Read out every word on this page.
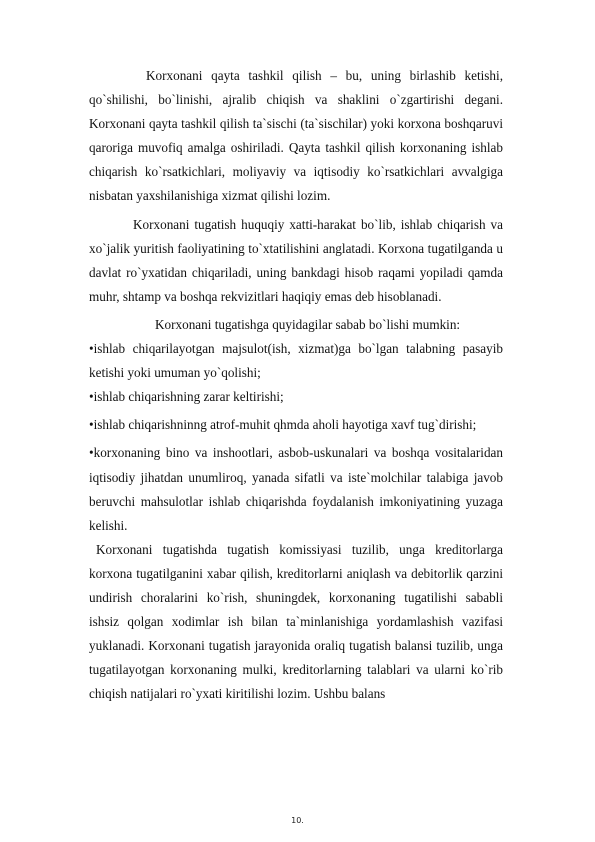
Korxonani qayta tashkil qilish – bu, uning birlashib ketishi, qo`shilishi, bo`linishi, ajralib chiqish va shaklini o`zgartirishi degani. Korxonani qayta tashkil qilish ta`sischi (ta`sischilar) yoki korxona boshqaruvi qaroriga muvofiq amalga oshiriladi. Qayta tashkil qilish korxonaning ishlab chiqarish ko`rsatkichlari, moliyaviy va iqtisodiy ko`rsatkichlari avvalgiga nisbatan yaxshilanishiga xizmat qilishi lozim.

Korxonani tugatish huquqiy xatti-harakat bo`lib, ishlab chiqarish va xo`jalik yuritish faoliyatining to`xtatilishini anglatadi. Korxona tugatilganda u davlat ro`yxatidan chiqariladi, uning bankdagi hisob raqami yopiladi qamda muhr, shtamp va boshqa rekvizitlari haqiqiy emas deb hisoblanadi.

Korxonani tugatishga quyidagilar sabab bo`lishi mumkin:

•ishlab chiqarilayotgan majsulot(ish, xizmat)ga bo`lgan talabning pasayib ketishi yoki umuman yo`qolishi;

•ishlab chiqarishning zarar keltirishi;

•ishlab chiqarishninng atrof-muhit qhmda aholi hayotiga xavf tug`dirishi;

•korxonaning bino va inshootlari, asbob-uskunalari va boshqa vositalaridan iqtisodiy jihatdan unumliroq, yanada sifatli va iste`molchilar talabiga javob beruvchi mahsulotlar ishlab chiqarishda foydalanish imkoniyatining yuzaga kelishi.

Korxonani tugatishda tugatish komissiyasi tuzilib, unga kreditorlarga korxona tugatilganini xabar qilish, kreditorlarni aniqlash va debitorlik qarzini undirish choralarini ko`rish, shuningdek, korxonaning tugatilishi sababli ishsiz qolgan xodimlar ish bilan ta`minlanishiga yordamlashish vazifasi yuklanadi. Korxonani tugatish jarayonida oraliq tugatish balansi tuzilib, unga tugatilayotgan korxonaning mulki, kreditorlarning talablari va ularni ko`rib chiqish natijalari ro`yxati kiritilishi lozim. Ushbu balans

10.
